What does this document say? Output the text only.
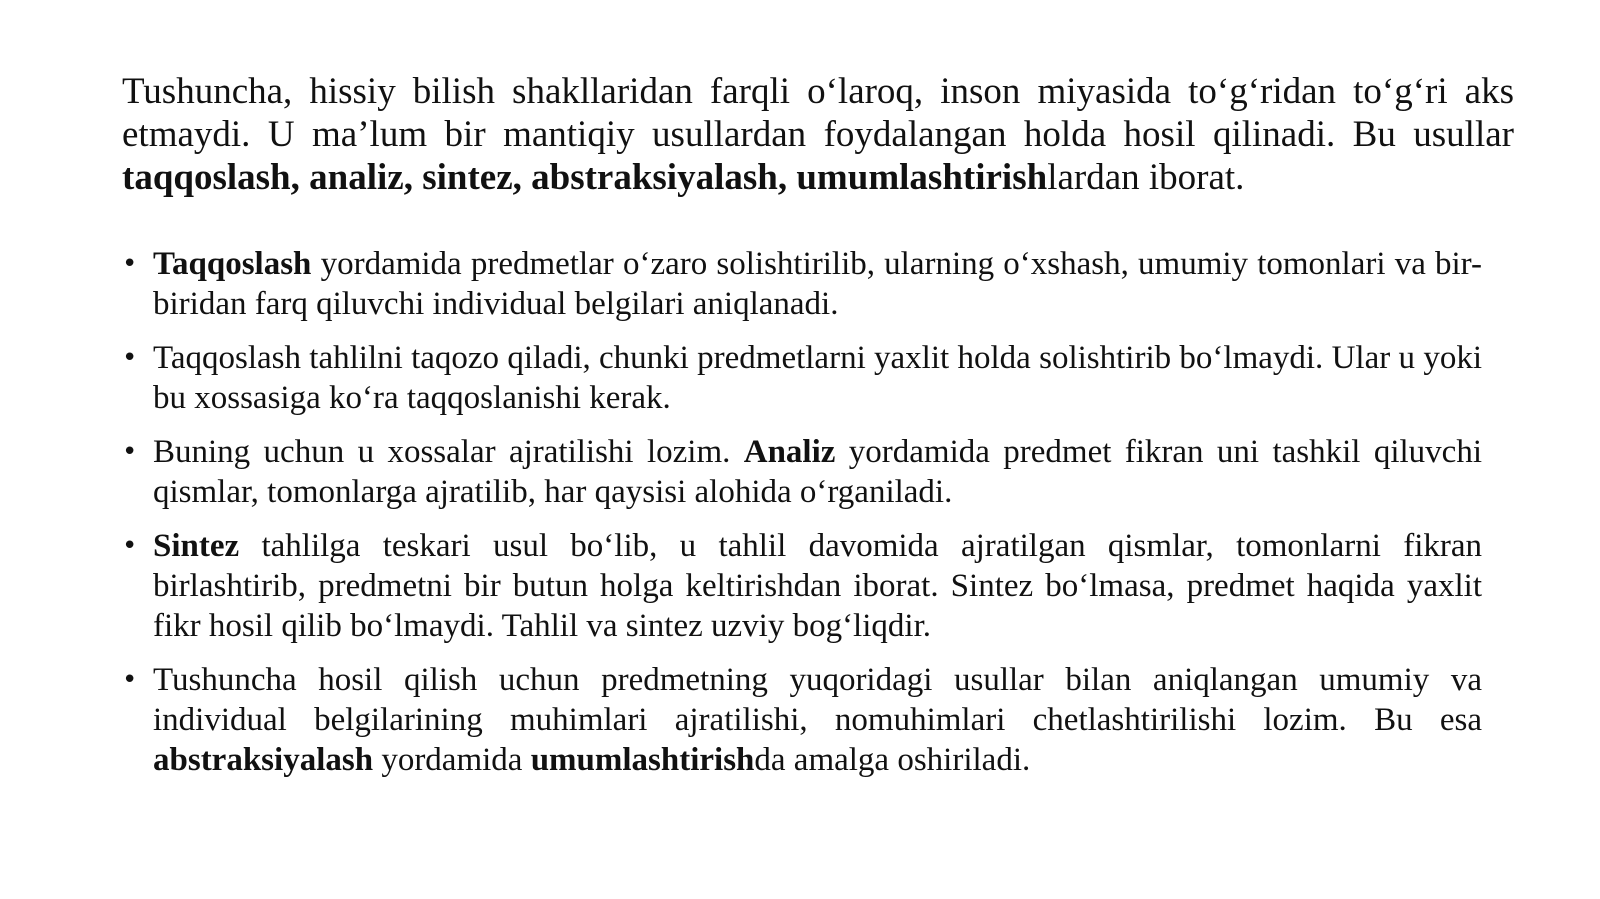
Tushuncha, hissiy bilish shakllaridan farqli o‘laroq, inson miyasida to‘g‘ridan to‘g‘ri aks etmaydi. U ma’lum bir mantiqiy usullardan foydalangan holda hosil qilinadi. Bu usullar taqqoslash, analiz, sintez, abstraksiyalash, umumlashtirishlardan iborat.

• Taqqoslash yordamida predmetlar o‘zaro solishtirilib, ularning o‘xshash, umumiy tomonlari va bir-biridan farq qiluvchi individual belgilari aniqlanadi.
• Taqqoslash tahlilni taqozo qiladi, chunki predmetlarni yaxlit holda solishtirib bo‘lmaydi. Ular u yoki bu xossasiga ko‘ra taqqoslanishi kerak.
• Buning uchun u xossalar ajratilishi lozim. Analiz yordamida predmet fikran uni tashkil qiluvchi qismlar, tomonlarga ajratilib, har qaysisi alohida o‘rganiladi.
• Sintez tahlilga teskari usul bo‘lib, u tahlil davomida ajratilgan qismlar, tomonlarni fikran birlashtirib, predmetni bir butun holga keltirishdan iborat. Sintez bo‘lmasa, predmet haqida yaxlit fikr hosil qilib bo‘lmaydi. Tahlil va sintez uzviy bog‘liqdir.
• Tushuncha hosil qilish uchun predmetning yuqoridagi usullar bilan aniqlangan umumiy va individual belgilarining muhimlari ajratilishi, nomuhimlari chetlashtirilishi lozim. Bu esa abstraksiyalash yordamida umumlashtirishda amalga oshiriladi.
